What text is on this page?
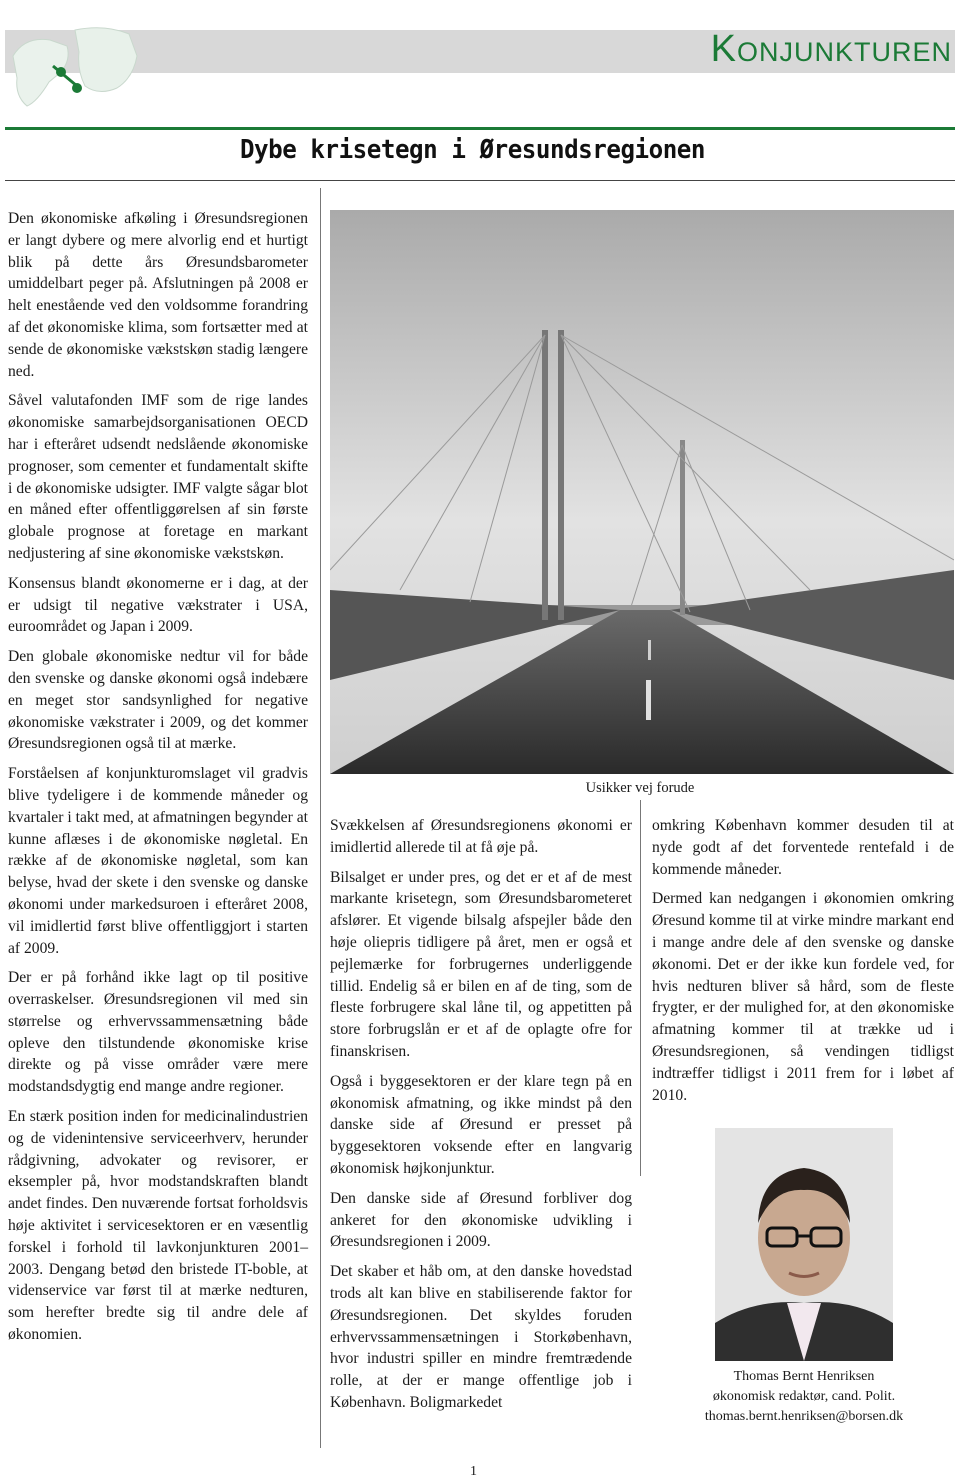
Konjunkturen
Dybe krisetegn i Øresundsregionen

Den økonomiske afkøling i Øresundsregionen er langt dybere og mere alvorlig end et hurtigt blik på dette års Øresundsbarometer umiddelbart peger på. Afslutningen på 2008 er helt enestående ved den voldsomme forandring af det økonomiske klima, som fortsætter med at sende de økonomiske vækstskøn stadig længere ned.

Såvel valutafonden IMF som de rige landes økonomiske samarbejdsorganisationen OECD har i efteråret udsendt nedslående økonomiske prognoser, som cementer et fundamentalt skifte i de økonomiske udsigter. IMF valgte sågar blot en måned efter offentliggørelsen af sin første globale prognose at foretage en markant nedjustering af sine økonomiske vækstskøn.

Konsensus blandt økonomerne er i dag, at der er udsigt til negative vækstrater i USA, euroområdet og Japan i 2009.

Den globale økonomiske nedtur vil for både den svenske og danske økonomi også indebære en meget stor sandsynlighed for negative økonomiske vækstrater i 2009, og det kommer Øresundsregionen også til at mærke.

Forståelsen af konjunkturomslaget vil gradvis blive tydeligere i de kommende måneder og kvartaler i takt med, at afmatningen begynder at kunne aflæses i de økonomiske nøgletal. En række af de økonomiske nøgletal, som kan belyse, hvad der skete i den svenske og danske økonomi under markedsuroen i efteråret 2008, vil imidlertid først blive offentliggjort i starten af 2009.

Der er på forhånd ikke lagt op til positive overraskelser. Øresundsregionen vil med sin størrelse og erhvervssammensætning både opleve den tilstundende økonomiske krise direkte og på visse områder være mere modstandsdygtig end mange andre regioner.

En stærk position inden for medicinalindustrien og de videnintensive serviceerhverv, herunder rådgivning, advokater og revisorer, er eksempler på, hvor modstandskraften blandt andet findes. Den nuværende fortsat forholdsvis høje aktivitet i servicesektoren er en væsentlig forskel i forhold til lavkonjunkturen 2001–2003. Dengang betød den bristede IT-boble, at videnservice var først til at mærke nedturen, som herefter bredte sig til andre dele af økonomien.

Usikker vej forude

Svækkelsen af Øresundsregionens økonomi er imidlertid allerede til at få øje på.

Bilsalget er under pres, og det er et af de mest markante krisetegn, som Øresundsbarometeret afslører. Et vigende bilsalg afspejler både den høje oliepris tidligere på året, men er også et pejlemærke for forbrugernes underliggende tillid. Endelig så er bilen en af de ting, som de fleste forbrugere skal låne til, og appetitten på store forbrugslån er et af de oplagte ofre for finanskrisen.

Også i byggesektoren er der klare tegn på en økonomisk afmatning, og ikke mindst på den danske side af Øresund er presset på byggesektoren voksende efter en langvarig økonomisk højkonjunktur.

Den danske side af Øresund forbliver dog ankeret for den økonomiske udvikling i Øresundsregionen i 2009.

Det skaber et håb om, at den danske hovedstad trods alt kan blive en stabiliserende faktor for Øresundsregionen. Det skyldes foruden erhvervssammensætningen i Storkøbenhavn, hvor industri spiller en mindre fremtrædende rolle, at der er mange offentlige job i København. Boligmarkedet

omkring København kommer desuden til at nyde godt af det forventede rentefald i de kommende måneder.

Dermed kan nedgangen i økonomien omkring Øresund komme til at virke mindre markant end i mange andre dele af den svenske og danske økonomi. Det er der ikke kun fordele ved, for hvis nedturen bliver så hård, som de fleste frygter, er der mulighed for, at den økonomiske afmatning kommer til at trække ud i Øresundsregionen, så vendingen tidligst indtræffer tidligst i 2011 frem for i løbet af 2010.

Thomas Bernt Henriksen
økonomisk redaktør, cand. Polit.
thomas.bernt.henriksen@borsen.dk
1
